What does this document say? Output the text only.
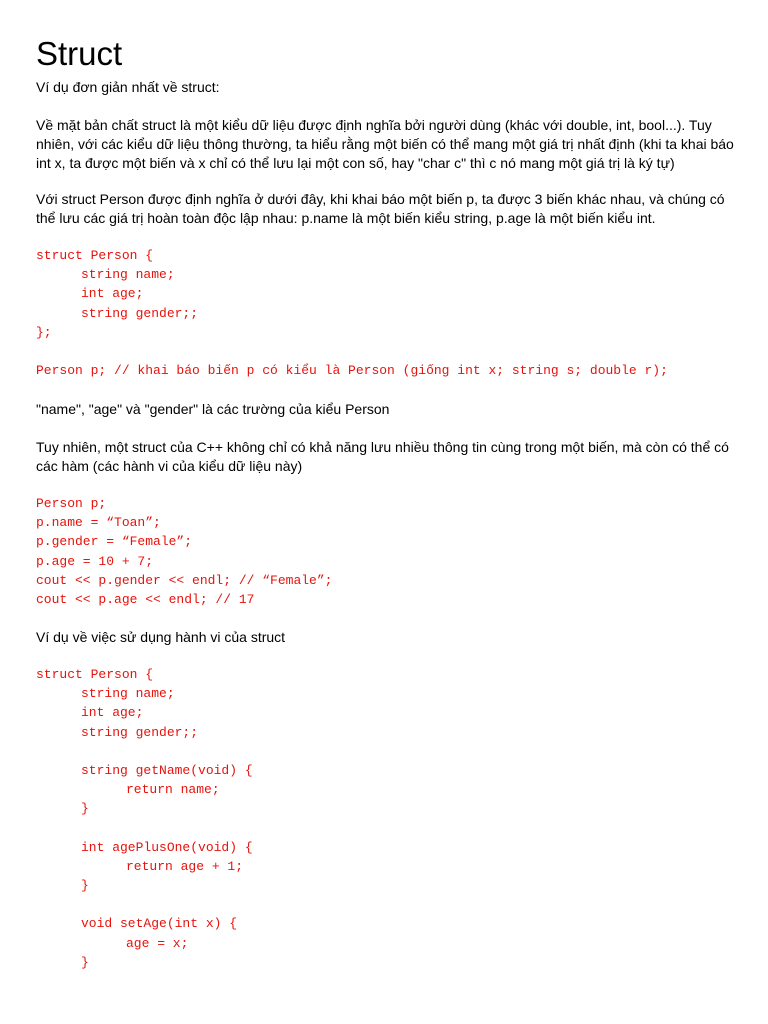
Struct

Ví dụ đơn giản nhất về struct:

Về mặt bản chất struct là một kiểu dữ liệu được định nghĩa bởi người dùng (khác với double, int, bool...). Tuy
nhiên, với các kiểu dữ liệu thông thường, ta hiểu rằng một biến có thể mang một giá trị nhất định (khi ta khai báo
int x, ta được một biến và x chỉ có thể lưu lại một con số, hay "char c" thì c nó mang một giá trị là ký tự)

Với struct Person được định nghĩa ở dưới đây, khi khai báo một biến p, ta được 3 biến khác nhau, và chúng có
thể lưu các giá trị hoàn toàn độc lập nhau: p.name là một biến kiểu string, p.age là một biến kiểu int.

struct Person {
string name;
int age;
string gender;;
};
Person p; // khai báo biến p có kiểu là Person (giống int x; string s; double r);

"name", "age" và "gender" là các trường của kiểu Person

Tuy nhiên, một struct của C++ không chỉ có khả năng lưu nhiều thông tin cùng trong một biến, mà còn có thể có
các hàm (các hành vi của kiểu dữ liệu này)

Person p;
p.name = “Toan”;
p.gender = “Female”;
p.age = 10 + 7;
cout << p.gender << endl; // “Female”;
cout << p.age << endl; // 17

Ví dụ về việc sử dụng hành vi của struct

struct Person {
string name;
int age;
string gender;;
string getName(void) {
return name;
}
int agePlusOne(void) {
return age + 1;
}
void setAge(int x) {
age = x;
}
